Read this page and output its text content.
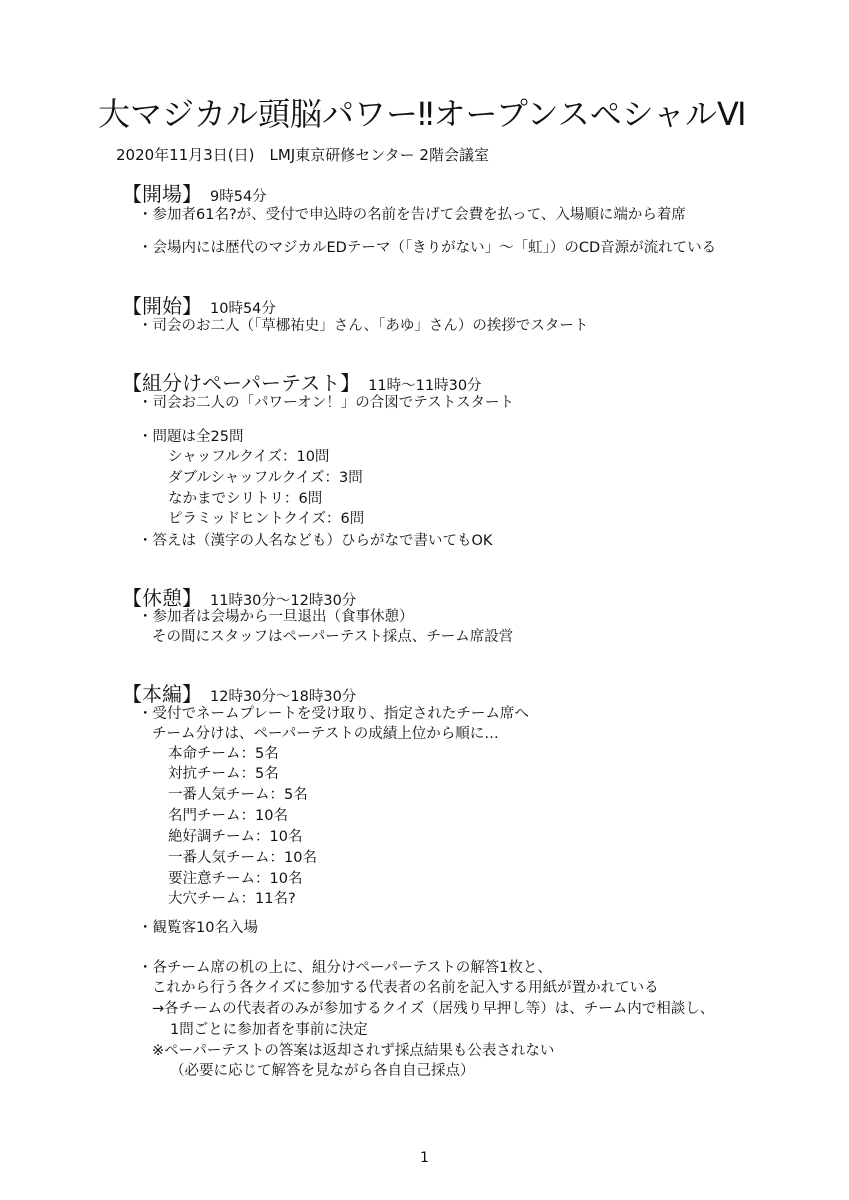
大マジカル頭脳パワー‼オープンスペシャルⅥ
2020年11月3日(日)　LMJ東京研修センター 2階会議室
【開場】 9時54分
・参加者61名?が、受付で申込時の名前を告げて会費を払って、入場順に端から着席
・会場内には歴代のマジカルEDテーマ（「きりがない」〜「虹」）のCD音源が流れている
【開始】 10時54分
・司会のお二人（「草梛祐史」さん、「あゆ」さん）の挨拶でスタート
【組分けペーパーテスト】 11時〜11時30分
・司会お二人の「パワーオン！」の合図でテストスタート
・問題は全25問
シャッフルクイズ：10問
ダブルシャッフルクイズ：3問
なかまでシリトリ：6問
ピラミッドヒントクイズ：6問
・答えは（漢字の人名なども）ひらがなで書いてもOK
【休憩】 11時30分〜12時30分
・参加者は会場から一旦退出（食事休憩）
その間にスタッフはペーパーテスト採点、チーム席設営
【本編】 12時30分〜18時30分
・受付でネームプレートを受け取り、指定されたチーム席へ
チーム分けは、ペーパーテストの成績上位から順に…
本命チーム：5名
対抗チーム：5名
一番人気チーム：5名
名門チーム：10名
絶好調チーム：10名
一番人気チーム：10名
要注意チーム：10名
大穴チーム：11名?
・観覧客10名入場
・各チーム席の机の上に、組分けペーパーテストの解答1枚と、
これから行う各クイズに参加する代表者の名前を記入する用紙が置かれている
→各チームの代表者のみが参加するクイズ（居残り早押し等）は、チーム内で相談し、
1問ごとに参加者を事前に決定
※ペーパーテストの答案は返却されず採点結果も公表されない
（必要に応じて解答を見ながら各自自己採点）
1
